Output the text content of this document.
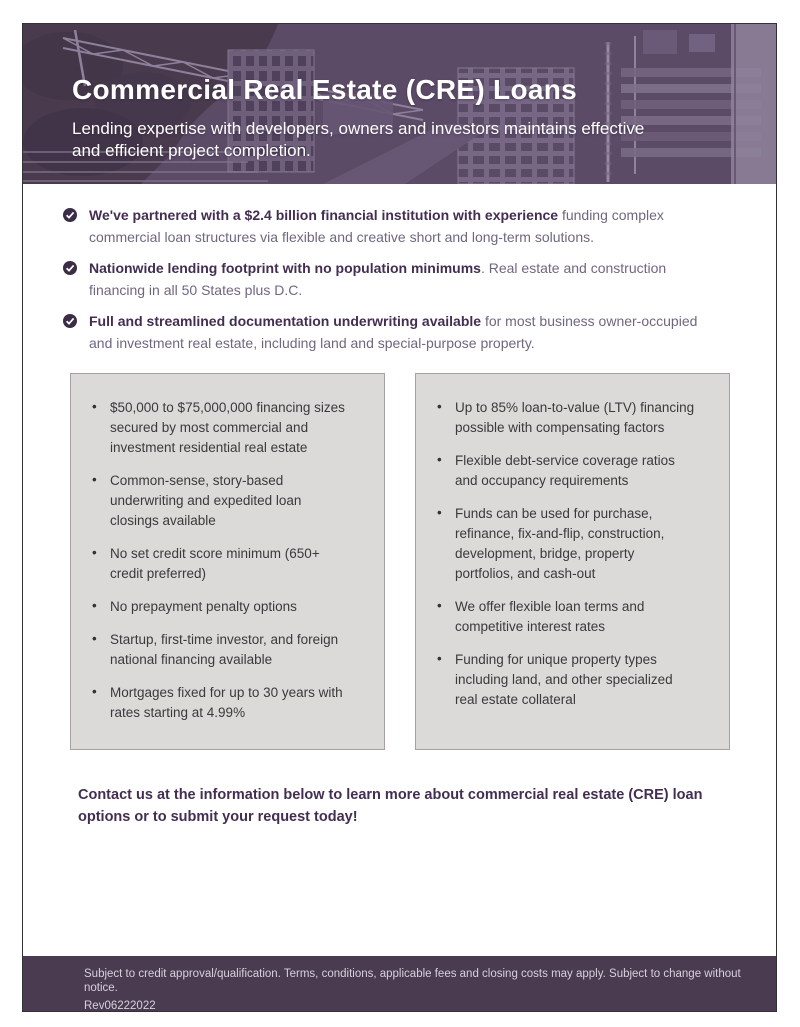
Commercial Real Estate (CRE) Loans

Lending expertise with developers, owners and investors maintains effective
and efficient project completion.

We've partnered with a $2.4 billion financial institution with experience funding complex
commercial loan structures via flexible and creative short and long-term solutions.

Nationwide lending footprint with no population minimums. Real estate and construction
financing in all 50 States plus D.C.

Full and streamlined documentation underwriting available for most business owner-occupied
and investment real estate, including land and special-purpose property.

• $50,000 to $75,000,000 financing sizes
secured by most commercial and
investment residential real estate
• Common-sense, story-based
underwriting and expedited loan
closings available
• No set credit score minimum (650+
credit preferred)
• No prepayment penalty options
• Startup, first-time investor, and foreign
national financing available
• Mortgages fixed for up to 30 years with
rates starting at 4.99%
• Up to 85% loan-to-value (LTV) financing
possible with compensating factors
• Flexible debt-service coverage ratios
and occupancy requirements
• Funds can be used for purchase,
refinance, fix-and-flip, construction,
development, bridge, property
portfolios, and cash-out
• We offer flexible loan terms and
competitive interest rates
• Funding for unique property types
including land, and other specialized
real estate collateral

Contact us at the information below to learn more about commercial real estate (CRE) loan
options or to submit your request today!

Subject to credit approval/qualification. Terms, conditions, applicable fees and closing costs may apply. Subject to change without notice.

Rev06222022
